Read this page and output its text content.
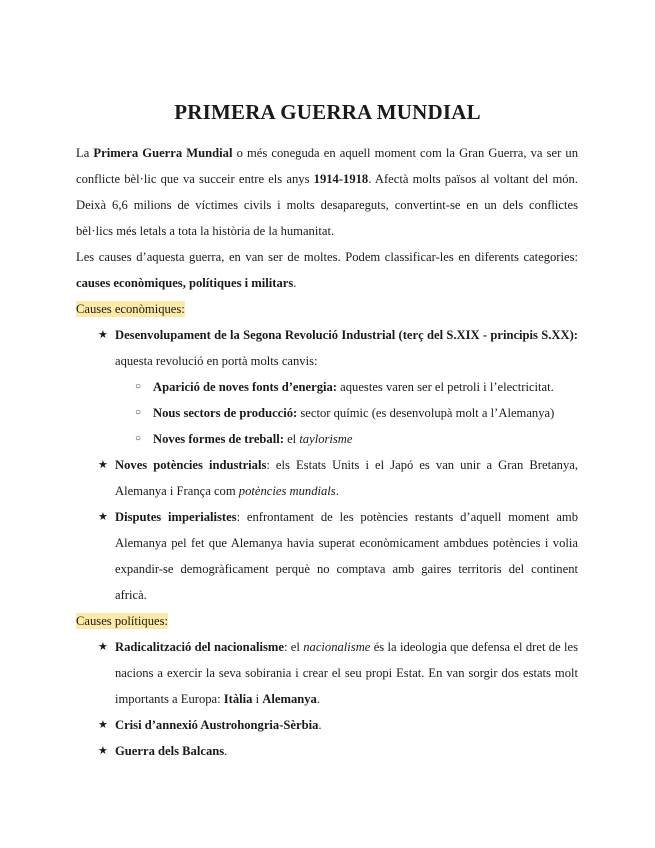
PRIMERA GUERRA MUNDIAL

La Primera Guerra Mundial o més coneguda en aquell moment com la Gran Guerra, va ser un conflicte bèl·lic que va succeir entre els anys 1914-1918. Afectà molts països al voltant del món. Deixà 6,6 milions de víctimes civils i molts desapareguts, convertint-se en un dels conflictes bèl·lics més letals a tota la història de la humanitat.

Les causes d’aquesta guerra, en van ser de moltes. Podem classificar-les en diferents categories: causes econòmiques, polítiques i militars.

Causes econòmiques:

★ Desenvolupament de la Segona Revolució Industrial (terç del S.XIX - principis S.XX): aquesta revolució en portà molts canvis:
○ Aparició de noves fonts d’energia: aquestes varen ser el petroli i l’electricitat.
○ Nous sectors de producció: sector químic (es desenvolupà molt a l’Alemanya)
○ Noves formes de treball: el taylorisme
★ Noves potències industrials: els Estats Units i el Japó es van unir a Gran Bretanya, Alemanya i França com potències mundials.
★ Disputes imperialistes: enfrontament de les potències restants d’aquell moment amb Alemanya pel fet que Alemanya havia superat econòmicament ambdues potències i volia expandir-se demogràficament perquè no comptava amb gaires territoris del continent africà.

Causes polítiques:

★ Radicalització del nacionalisme: el nacionalisme és la ideologia que defensa el dret de les nacions a exercir la seva sobirania i crear el seu propi Estat. En van sorgir dos estats molt importants a Europa: Itàlia i Alemanya.
★ Crisi d’annexió Austrohongria-Sèrbia.
★ Guerra dels Balcans.
